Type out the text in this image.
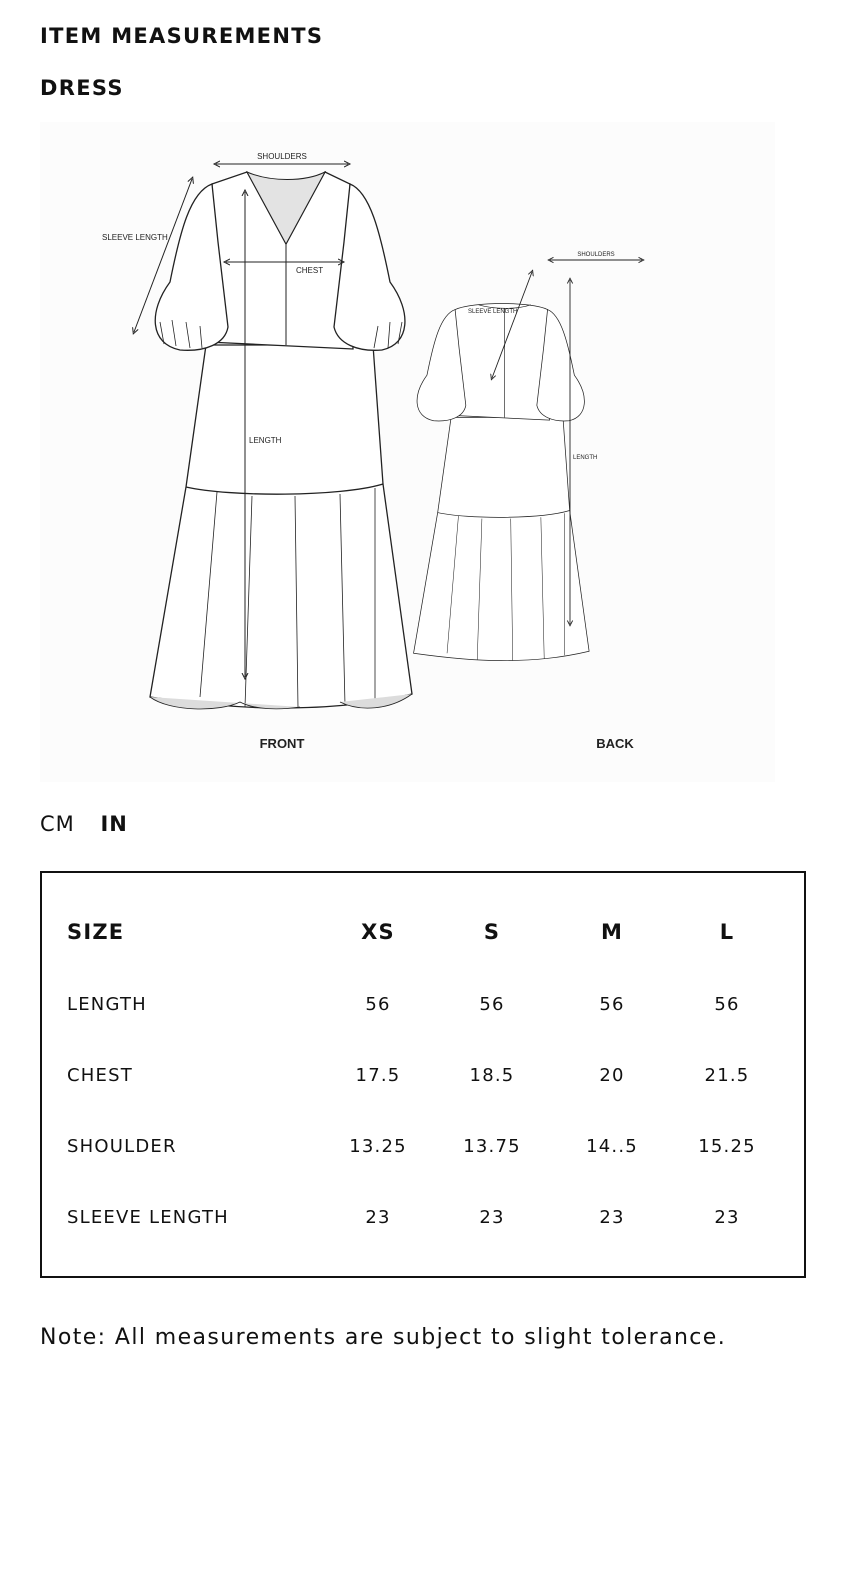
ITEM MEASUREMENTS
DRESS
SHOULDERS
SLEEVE LENGTH
CHEST
LENGTH
FRONT
SHOULDERS
SLEEVE LENGTH
LENGTH
BACK
CM IN
SIZE	XS	S	M	L
LENGTH	56	56	56	56
CHEST	17.5	18.5	20	21.5
SHOULDER	13.25	13.75	14..5	15.25
SLEEVE LENGTH	23	23	23	23
Note: All measurements are subject to slight tolerance.
